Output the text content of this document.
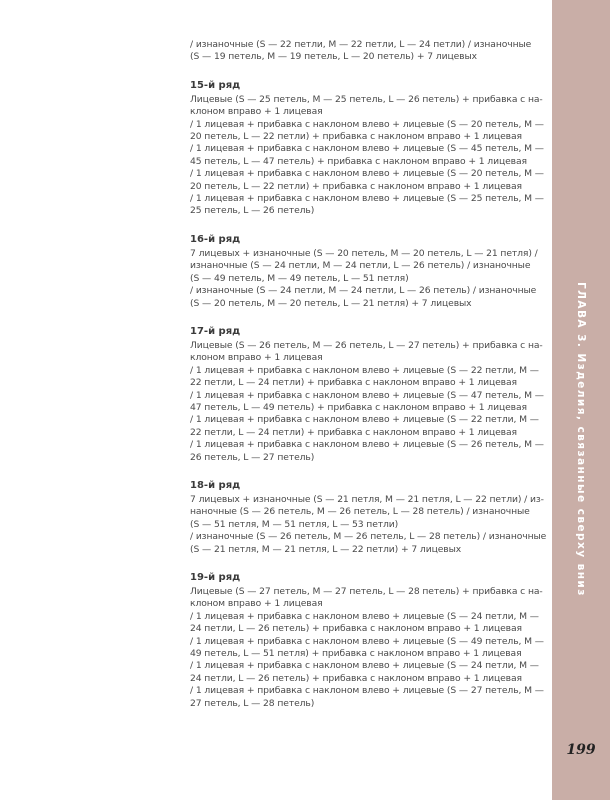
ГЛАВА 3. Изделия, связанные сверху вниз
199
/ изнаночные (S — 22 петли, M — 22 петли, L — 24 петли) / изнаночные
(S — 19 петель, M — 19 петель, L — 20 петель) + 7 лицевых
15-й ряд
Лицевые (S — 25 петель, M — 25 петель, L — 26 петель) + прибавка с на-
клоном вправо + 1 лицевая
/ 1 лицевая + прибавка с наклоном влево + лицевые (S — 20 петель, M —
20 петель, L — 22 петли) + прибавка с наклоном вправо + 1 лицевая
/ 1 лицевая + прибавка с наклоном влево + лицевые (S — 45 петель, M —
45 петель, L — 47 петель) + прибавка с наклоном вправо + 1 лицевая
/ 1 лицевая + прибавка с наклоном влево + лицевые (S — 20 петель, M —
20 петель, L — 22 петли) + прибавка с наклоном вправо + 1 лицевая
/ 1 лицевая + прибавка с наклоном влево + лицевые (S — 25 петель, M —
25 петель, L — 26 петель)
16-й ряд
7 лицевых + изнаночные (S — 20 петель, M — 20 петель, L — 21 петля) /
изнаночные (S — 24 петли, M — 24 петли, L — 26 петель) / изнаночные
(S — 49 петель, M — 49 петель, L — 51 петля)
/ изнаночные (S — 24 петли, M — 24 петли, L — 26 петель) / изнаночные
(S — 20 петель, M — 20 петель, L — 21 петля) + 7 лицевых
17-й ряд
Лицевые (S — 26 петель, M — 26 петель, L — 27 петель) + прибавка с на-
клоном вправо + 1 лицевая
/ 1 лицевая + прибавка с наклоном влево + лицевые (S — 22 петли, M —
22 петли, L — 24 петли) + прибавка с наклоном вправо + 1 лицевая
/ 1 лицевая + прибавка с наклоном влево + лицевые (S — 47 петель, M —
47 петель, L — 49 петель) + прибавка с наклоном вправо + 1 лицевая
/ 1 лицевая + прибавка с наклоном влево + лицевые (S — 22 петли, M —
22 петли, L — 24 петли) + прибавка с наклоном вправо + 1 лицевая
/ 1 лицевая + прибавка с наклоном влево + лицевые (S — 26 петель, M —
26 петель, L — 27 петель)
18-й ряд
7 лицевых + изнаночные (S — 21 петля, M — 21 петля, L — 22 петли) / из-
наночные (S — 26 петель, M — 26 петель, L — 28 петель) / изнаночные
(S — 51 петля, M — 51 петля, L — 53 петли)
/ изнаночные (S — 26 петель, M — 26 петель, L — 28 петель) / изнаночные
(S — 21 петля, M — 21 петля, L — 22 петли) + 7 лицевых
19-й ряд
Лицевые (S — 27 петель, M — 27 петель, L — 28 петель) + прибавка с на-
клоном вправо + 1 лицевая
/ 1 лицевая + прибавка с наклоном влево + лицевые (S — 24 петли, M —
24 петли, L — 26 петель) + прибавка с наклоном вправо + 1 лицевая
/ 1 лицевая + прибавка с наклоном влево + лицевые (S — 49 петель, M —
49 петель, L — 51 петля) + прибавка с наклоном вправо + 1 лицевая
/ 1 лицевая + прибавка с наклоном влево + лицевые (S — 24 петли, M —
24 петли, L — 26 петель) + прибавка с наклоном вправо + 1 лицевая
/ 1 лицевая + прибавка с наклоном влево + лицевые (S — 27 петель, M —
27 петель, L — 28 петель)
